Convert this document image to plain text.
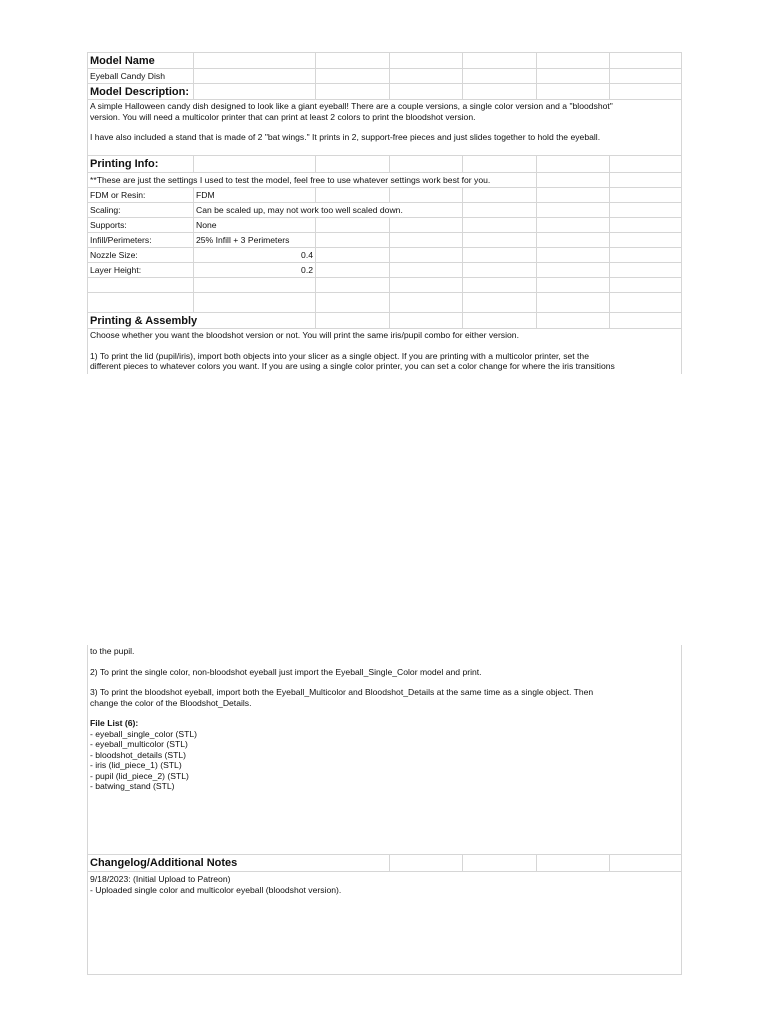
Model Name
Eyeball Candy Dish
Model Description:

A simple Halloween candy dish designed to look like a giant eyeball! There are a couple versions, a single color version and a "bloodshot"

version. You will need a multicolor printer that can print at least 2 colors to print the bloodshot version.

I have also included a stand that is made of 2 "bat wings." It prints in 2, support-free pieces and just slides together to hold the eyeball.

Printing Info:
**These are just the settings I used to test the model, feel free to use whatever settings work best for you.
FDM or Resin:	FDM
Scaling:	Can be scaled up, may not work too well scaled down.
Supports:	None
Infill/Perimeters:	25% Infill + 3 Perimeters
Nozzle Size:	0.4
Layer Height:	0.2
Printing & Assembly

Choose whether you want the bloodshot version or not. You will print the same iris/pupil combo for either version.

1) To print the lid (pupil/iris), import both objects into your slicer as a single object. If you are printing with a multicolor printer, set the

different pieces to whatever colors you want. If you are using a single color printer, you can set a color change for where the iris transitions

to the pupil.

2) To print the single color, non-bloodshot eyeball just import the Eyeball_Single_Color model and print.

3) To print the bloodshot eyeball, import both the Eyeball_Multicolor and Bloodshot_Details at the same time as a single object. Then

change the color of the Bloodshot_Details.

File List (6):

- eyeball_single_color (STL)

- eyeball_multicolor (STL)

- bloodshot_details (STL)

- iris (lid_piece_1) (STL)

- pupil (lid_piece_2) (STL)

- batwing_stand (STL)

Changelog/Additional Notes

9/18/2023: (Initial Upload to Patreon)

- Uploaded single color and multicolor eyeball (bloodshot version).
